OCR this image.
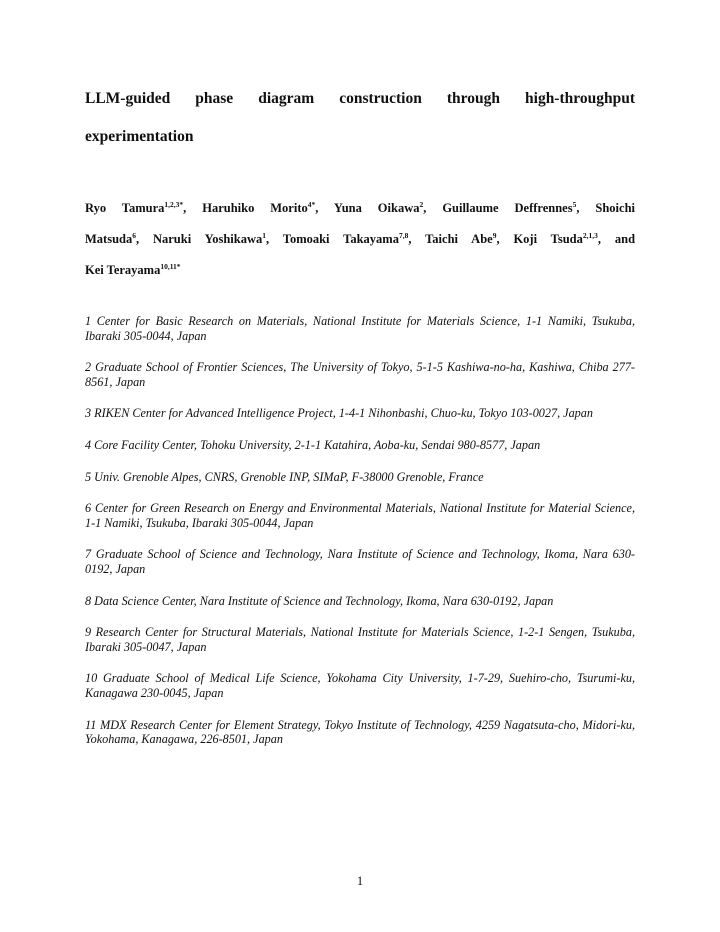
LLM-guided phase diagram construction through high-throughput
experimentation
Ryo Tamura$^{1,2,3*}$, Haruhiko Morito$^{4*}$, Yuna Oikawa$^2$, Guillaume Deffrennes$^5$, Shoichi
Matsuda$^6$, Naruki Yoshikawa$^1$, Tomoaki Takayama$^{7,8}$, Taichi Abe$^9$, Koji Tsuda$^{2,1,3}$, and
Kei Terayama$^{10,11*}$

1 Center for Basic Research on Materials, National Institute for Materials Science, 1-1 Namiki, Tsukuba, Ibaraki 305-0044, Japan

2 Graduate School of Frontier Sciences, The University of Tokyo, 5-1-5 Kashiwa-no-ha, Kashiwa, Chiba 277-8561, Japan

3 RIKEN Center for Advanced Intelligence Project, 1-4-1 Nihonbashi, Chuo-ku, Tokyo 103-0027, Japan

4 Core Facility Center, Tohoku University, 2-1-1 Katahira, Aoba-ku, Sendai 980-8577, Japan

5 Univ. Grenoble Alpes, CNRS, Grenoble INP, SIMaP, F-38000 Grenoble, France

6 Center for Green Research on Energy and Environmental Materials, National Institute for Material Science, 1-1 Namiki, Tsukuba, Ibaraki 305-0044, Japan

7 Graduate School of Science and Technology, Nara Institute of Science and Technology, Ikoma, Nara 630-0192, Japan

8 Data Science Center, Nara Institute of Science and Technology, Ikoma, Nara 630-0192, Japan

9 Research Center for Structural Materials, National Institute for Materials Science, 1-2-1 Sengen, Tsukuba, Ibaraki 305-0047, Japan

10 Graduate School of Medical Life Science, Yokohama City University, 1-7-29, Suehiro-cho, Tsurumi-ku, Kanagawa 230-0045, Japan

11 MDX Research Center for Element Strategy, Tokyo Institute of Technology, 4259 Nagatsuta-cho, Midori-ku, Yokohama, Kanagawa, 226-8501, Japan

1
